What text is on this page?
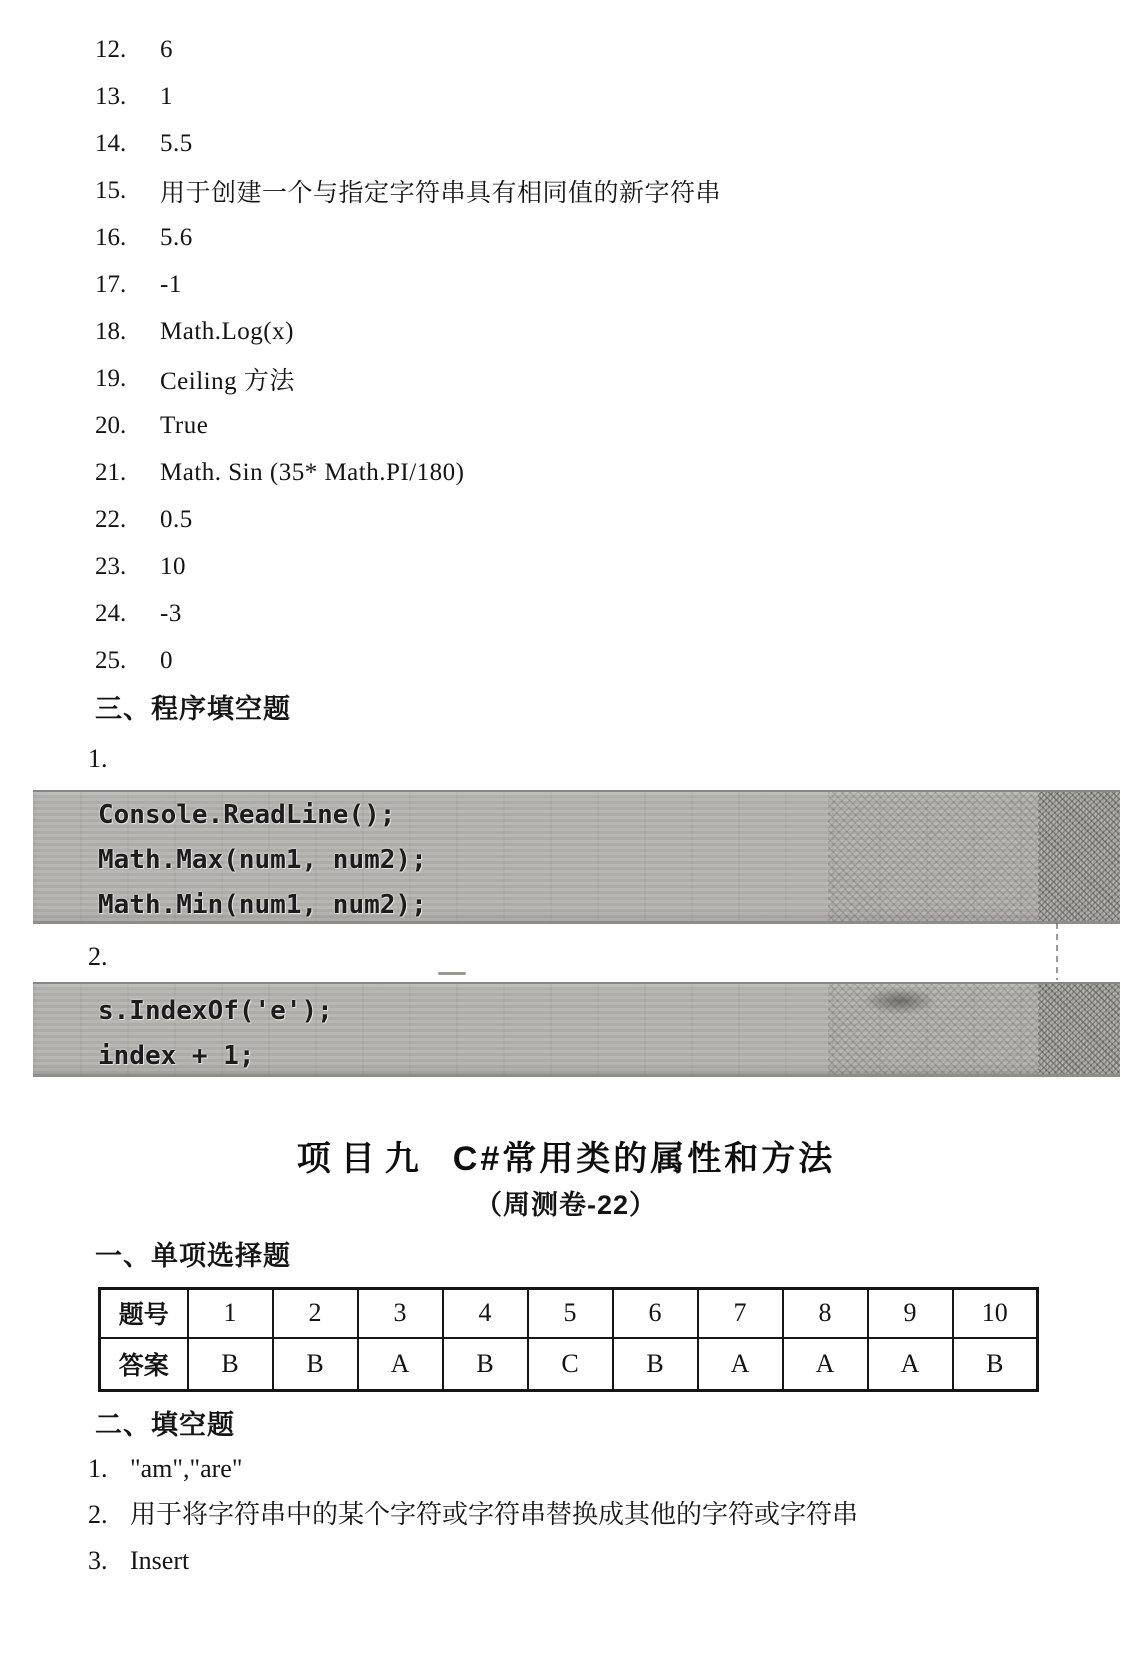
12.	6
13.	1
14.	5.5
15.	用于创建一个与指定字符串具有相同值的新字符串
16.	5.6
17.	-1
18.	Math.Log(x)
19.	Ceiling 方法
20.	True
21.	Math. Sin (35* Math.PI/180)
22.	0.5
23.	10
24.	-3
25.	0
三、程序填空题
1.
Console.ReadLine();
Math.Max(num1, num2);
Math.Min(num1, num2);
2.
s.IndexOf('e');
index + 1;
项目九 C#常用类的属性和方法
（周测卷-22）
一、单项选择题
题号	1	2	3	4	5	6	7	8	9	10
答案	B	B	A	B	C	B	A	A	A	B
二、填空题
1. "am","are"
2. 用于将字符串中的某个字符或字符串替换成其他的字符或字符串
3. Insert
